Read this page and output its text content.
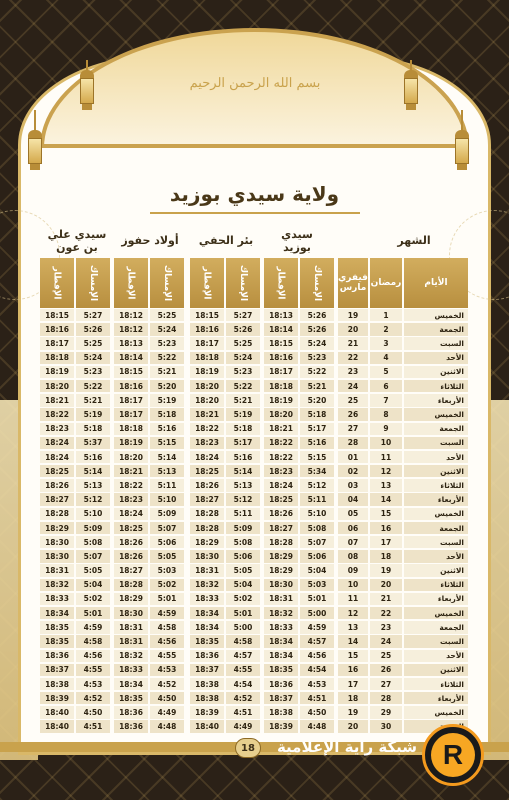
بسم الله الرحمن الرحيم
ولاية سيدي بوزيد
الشهر
سيدي بوزيد
بئر الحفي
أولاد حفوز
سيدي علي بن عون
الإفطار	الإمساك	الإفطار	الإمساك	الإفطار	الإمساك	الإفطار	الإمساك فيفري مارس رمضان	الأيام
18:15	5:27	18:12	5:25	18:15	5:27	18:13	5:26	19	1	الخميس
18:16	5:26	18:12	5:24	18:16	5:26	18:14	5:26	20	2	الجمعة
18:17	5:25	18:13	5:23	18:17	5:25	18:15	5:24	21	3	السبت
18:18	5:24	18:14	5:22	18:18	5:24	18:16	5:23	22	4	الأحد
18:19	5:23	18:15	5:21	18:19	5:23	18:17	5:22	23	5	الاثنين
18:20	5:22	18:16	5:20	18:20	5:22	18:18	5:21	24	6	الثلاثاء
18:21	5:21	18:17	5:19	18:20	5:21	18:19	5:20	25	7	الأربعاء
18:22	5:19	18:17	5:18	18:21	5:19	18:20	5:18	26	8	الخميس
18:23	5:18	18:18	5:16	18:22	5:18	18:21	5:17	27	9	الجمعة
18:24	5:37	18:19	5:15	18:23	5:17	18:22	5:16	28	10	السبت
18:24	5:16	18:20	5:14	18:24	5:16	18:22	5:15	01	11	الأحد
18:25	5:14	18:21	5:13	18:25	5:14	18:23	5:34	02	12	الاثنين
18:26	5:13	18:22	5:11	18:26	5:13	18:24	5:12	03	13	الثلاثاء
18:27	5:12	18:23	5:10	18:27	5:12	18:25	5:11	04	14	الأربعاء
18:28	5:10	18:24	5:09	18:28	5:11	18:26	5:10	05	15	الخميس
18:29	5:09	18:25	5:07	18:28	5:09	18:27	5:08	06	16	الجمعة
18:30	5:08	18:26	5:06	18:29	5:08	18:28	5:07	07	17	السبت
18:30	5:07	18:26	5:05	18:30	5:06	18:29	5:06	08	18	الأحد
18:31	5:05	18:27	5:03	18:31	5:05	18:29	5:04	09	19	الاثنين
18:32	5:04	18:28	5:02	18:32	5:04	18:30	5:03	10	20	الثلاثاء
18:33	5:02	18:29	5:01	18:33	5:02	18:31	5:01	11	21	الأربعاء
18:34	5:01	18:30	4:59	18:34	5:01	18:32	5:00	12	22	الخميس
18:35	4:59	18:31	4:58	18:34	5:00	18:33	4:59	13	23	الجمعة
18:35	4:58	18:31	4:56	18:35	4:58	18:34	4:57	14	24	السبت
18:36	4:56	18:32	4:55	18:36	4:57	18:34	4:56	15	25	الأحد
18:37	4:55	18:33	4:53	18:37	4:55	18:35	4:54	16	26	الاثنين
18:38	4:53	18:34	4:52	18:38	4:54	18:36	4:53	17	27	الثلاثاء
18:39	4:52	18:35	4:50	18:38	4:52	18:37	4:51	18	28	الأربعاء
18:40	4:50	18:36	4:49	18:39	4:51	18:38	4:50	19	29	الخميس
18:40	4:51	18:36	4:48	18:40	4:49	18:39	4:48	20	30
18	شبكة راية الإعلامية R
